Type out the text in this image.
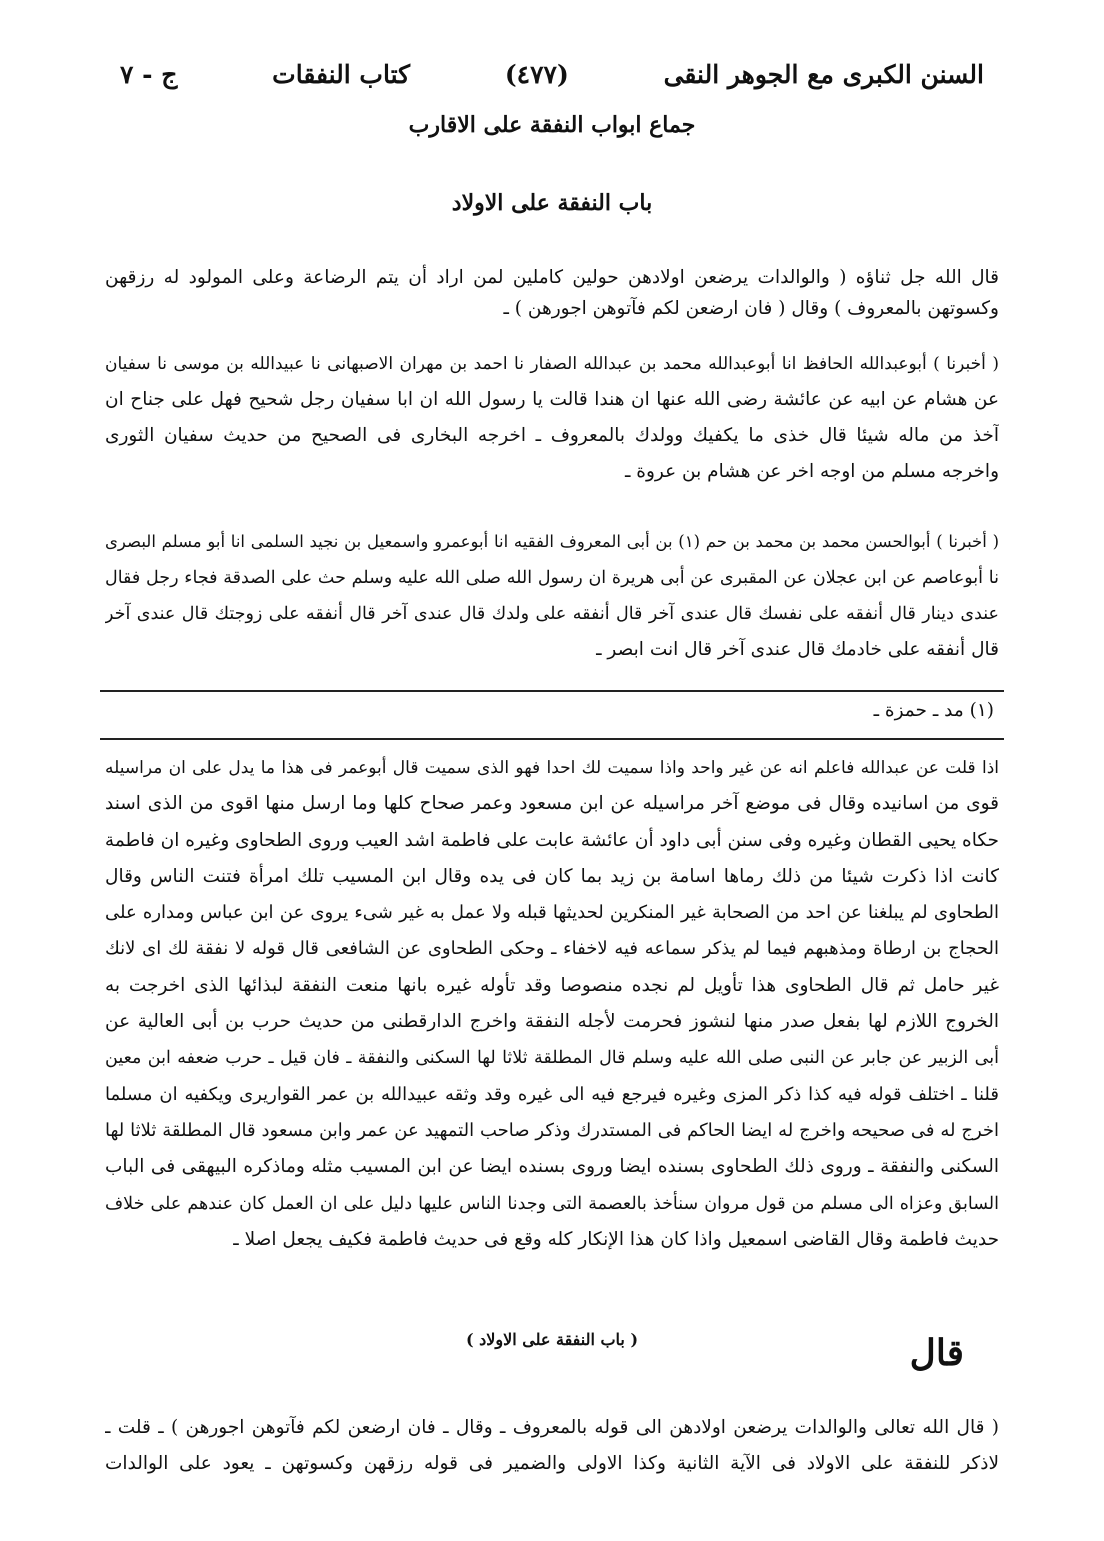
السنن الكبرى مع الجوهر النقى
(٤٧٧)
كتاب النفقات
ج - ٧
جماع ابواب النفقة على الاقارب
باب النفقة على الاولاد

قال الله جل ثناؤه ( والوالدات يرضعن اولادهن حولين كاملين لمن اراد أن يتم الرضاعة وعلى المولود له رزقهن

وكسوتهن بالمعروف ) وقال ( فان ارضعن لكم فآتوهن اجورهن ) ـ

( أخبرنا ) أبوعبدالله الحافظ انا أبوعبدالله محمد بن عبدالله الصفار نا احمد بن مهران الاصبهانى نا عبيدالله بن موسى نا سفيان

عن هشام عن ابيه عن عائشة رضى الله عنها ان هندا قالت يا رسول الله ان ابا سفيان رجل شحيح فهل على جناح ان

آخذ من ماله شيئا قال خذى ما يكفيك وولدك بالمعروف ـ اخرجه البخارى فى الصحيح من حديث سفيان الثورى

واخرجه مسلم من اوجه اخر عن هشام بن عروة ـ

( أخبرنا ) أبوالحسن محمد بن محمد بن حم (١) بن أبى المعروف الفقيه انا أبوعمرو واسمعيل بن نجيد السلمى انا أبو مسلم البصرى

نا أبوعاصم عن ابن عجلان عن المقبرى عن أبى هريرة ان رسول الله صلى الله عليه وسلم حث على الصدقة فجاء رجل فقال

عندى دينار قال أنفقه على نفسك قال عندى آخر قال أنفقه على ولدك قال عندى آخر قال أنفقه على زوجتك قال عندى آخر

قال أنفقه على خادمك قال عندى آخر قال انت ابصر ـ

(١) مد ـ حمزة ـ

اذا قلت عن عبدالله فاعلم انه عن غير واحد واذا سميت لك احدا فهو الذى سميت قال أبوعمر فى هذا ما يدل على ان مراسيله

قوى من اسانيده وقال فى موضع آخر مراسيله عن ابن مسعود وعمر صحاح كلها وما ارسل منها اقوى من الذى اسند

حكاه يحيى القطان وغيره وفى سنن أبى داود أن عائشة عابت على فاطمة اشد العيب وروى الطحاوى وغيره ان فاطمة

كانت اذا ذكرت شيئا من ذلك رماها اسامة بن زيد بما كان فى يده وقال ابن المسيب تلك امرأة فتنت الناس وقال

الطحاوى لم يبلغنا عن احد من الصحابة غير المنكرين لحديثها قبله ولا عمل به غير شىء يروى عن ابن عباس ومداره على

الحجاج بن ارطاة ومذهبهم فيما لم يذكر سماعه فيه لاخفاء ـ وحكى الطحاوى عن الشافعى قال قوله لا نفقة لك اى لانك

غير حامل ثم قال الطحاوى هذا تأويل لم نجده منصوصا وقد تأوله غيره بانها منعت النفقة لبذائها الذى اخرجت به

الخروج اللازم لها بفعل صدر منها لنشوز فحرمت لأجله النفقة واخرج الدارقطنى من حديث حرب بن أبى العالية عن

أبى الزبير عن جابر عن النبى صلى الله عليه وسلم قال المطلقة ثلاثا لها السكنى والنفقة ـ فان قيل ـ حرب ضعفه ابن معين

قلنا ـ اختلف قوله فيه كذا ذكر المزى وغيره فيرجع فيه الى غيره وقد وثقه عبيدالله بن عمر القواريرى ويكفيه ان مسلما

اخرج له فى صحيحه واخرج له ايضا الحاكم فى المستدرك وذكر صاحب التمهيد عن عمر وابن مسعود قال المطلقة ثلاثا لها

السكنى والنفقة ـ وروى ذلك الطحاوى بسنده ايضا وروى بسنده ايضا عن ابن المسيب مثله وماذكره البيهقى فى الباب

السابق وعزاه الى مسلم من قول مروان سنأخذ بالعصمة التى وجدنا الناس عليها دليل على ان العمل كان عندهم على خلاف

حديث فاطمة وقال القاضى اسمعيل واذا كان هذا الإنكار كله وقع فى حديث فاطمة فكيف يجعل اصلا ـ

قال
( باب النفقة على الاولاد )

( قال الله تعالى والوالدات يرضعن اولادهن الى قوله بالمعروف ـ وقال ـ فان ارضعن لكم فآتوهن اجورهن ) ـ قلت ـ

لاذكر للنفقة على الاولاد فى الآية الثانية وكذا الاولى والضمير فى قوله رزقهن وكسوتهن ـ يعود على الوالدات
